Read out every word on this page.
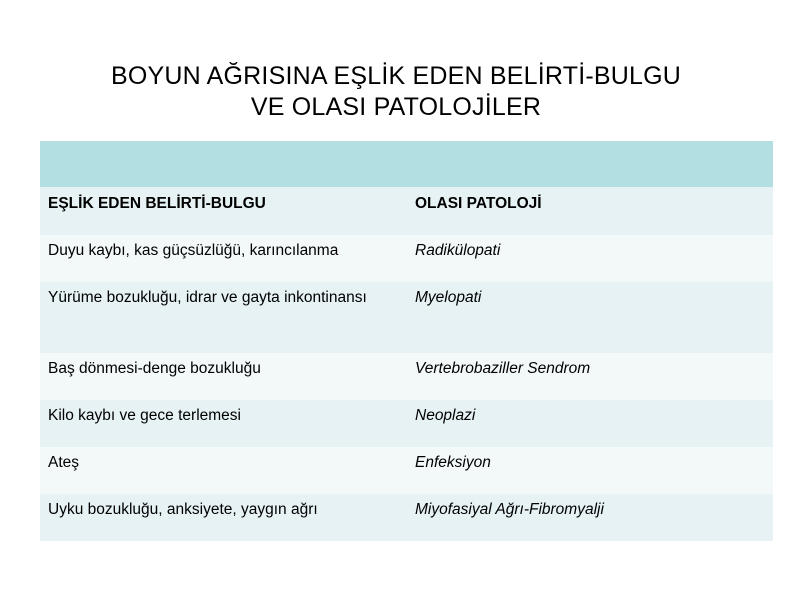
BOYUN AĞRISINA EŞLİK EDEN BELİRTİ-BULGU
VE OLASI PATOLOJİLER

EŞLİK EDEN BELİRTİ-BULGU	OLASI PATOLOJİ
Duyu kaybı, kas güçsüzlüğü, karıncılanma	Radikülopati
Yürüme bozukluğu, idrar ve gayta inkontinansı	Myelopati
Baş dönmesi-denge bozukluğu	Vertebrobaziller Sendrom
Kilo kaybı ve gece terlemesi	Neoplazi
Ateş	Enfeksiyon
Uyku bozukluğu, anksiyete, yaygın ağrı	Miyofasiyal Ağrı-Fibromyalji
